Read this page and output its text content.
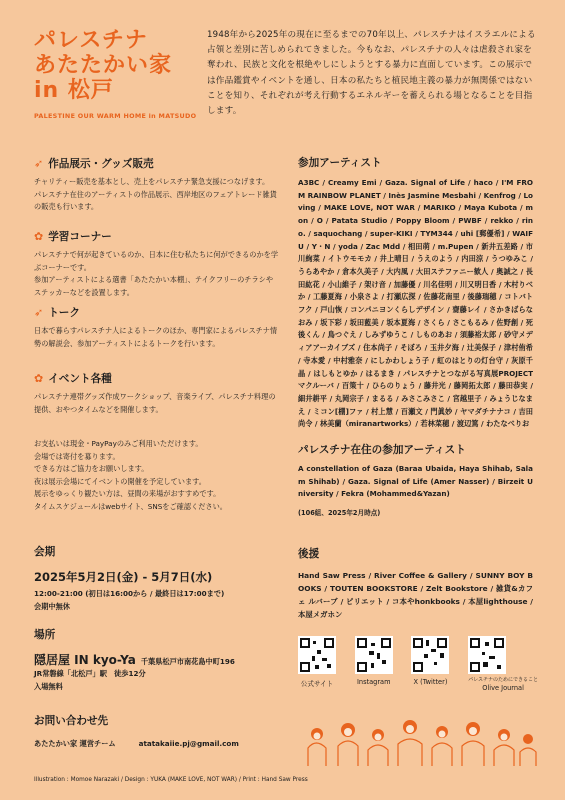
パレスチナ
あたたかい家
in 松戸
PALESTINE OUR WARM HOME in MATSUDO
1948年から2025年の現在に至るまでの70年以上、パレスチナはイスラエルによる占領と差別に苦しめられてきました。今もなお、パレスチナの人々は虐殺され家を奪われ、民族と文化を根絶やしにしようとする暴力に直面しています。この展示では作品鑑賞やイベントを通し、日本の私たちと植民地主義の暴力が無関係ではないことを知り、それぞれが考え行動するエネルギーを蓄えられる場となることを目指します。
➶ 作品展示・グッズ販売
チャリティー販売を基本とし、売上をパレスチナ緊急支援につなげます。
パレスチナ在住のアーティストの作品展示、西岸地区のフェアトレード雑貨の販売も行います。
✿ 学習コーナー
パレスチナで何が起きているのか、日本に住む私たちに何ができるのかを学ぶコーナーです。
参加アーティストによる選書「あたたかい本棚」、テイクフリーのチラシやステッカーなどを設置します。
➶ トーク
日本で暮らすパレスチナ人によるトークのほか、専門家によるパレスチナ情勢の解説会、参加アーティストによるトークを行います。
✿ イベント各種
パレスチナ連帯グッズ作成ワークショップ、音楽ライブ、パレスチナ料理の提供、おやつタイムなどを開催します。
お支払いは現金・PayPayのみご利用いただけます。
会場では寄付を募ります。
できる方はご協力をお願いします。
夜は展示会場にてイベントの開催を予定しています。
展示をゆっくり観たい方は、昼間の来場がおすすめです。
タイムスケジュールはwebサイト、SNSをご確認ください。
参加アーティスト
A3BC / Creamy Emi / Gaza. Signal of Life / haco / I'M FROM RAINBOW PLANET / Inès Jasmine Mesbahi / Kenfrog / Loving / MAKE LOVE, NOT WAR / MARIKO / Maya Kubota / mon / O / Patata Studio / Poppy Bloom / PWBF / rekko / rino. / saquochang / super-KIKI / TYM344 / uhi [郵優希] / WAIFU / Y・N / yoda / Zac Mdd / 相田萌 / m.Pupen / 新井五差路 / 市川絢菜 / イトウモモカ / 井上晴日 / うえのよう / 内田涼 / うつゆみこ / うらあやか / 倉本久美子 / 大内風 / 大田ステファニー歓人 / 奥誠之 / 長田紘花 / 小山維子 / 架け音 / 加藤優 / 川名佳明 / 川又明日香 / 木村りべか / 工藤夏海 / 小泉さよ / 打瀬広探 / 佐藤花南里 / 後藤瑞穂 / コトバトフク / 戸山恢 / コンパニヨンくらしデザイン / 齋藤レイ / さかきばらなおみ / 坂下彩 / 坂田藍美 / 坂本夏海 / さくら / さこもるみ / 佐野創 / 死後くん / 鳥つぐえ / しみずゆうこ / しものあお / 須藤裕太郎 / 砂守メディアアーカイブズ / 住本尚子 / そぼろ / 玉井夕海 / 辻美保子 / 津村侑希 / 寺本愛 / 中村雅奈 / にしかわしょう子 / 虹のはとりの灯台守 / 灰原千晶 / はしもとゆか / はるまき / パレスチナとつながる写真展PROJECTマクルーバ / 百策十 / ひらのりょう / 藤井光 / 藤岡拓太郎 / 藤田恭実 / 細井耕平 / 丸岡宗子 / まるる / みさこみさこ / 宮越里子 / みょうじなまえ / ミコン[棚]ファ / 村上慧 / 百瀬文 / 門眞妙 / ヤマダチナナコ / 吉田尚令 / 林美蘭（miranartworks）/ 若林菜穂 / 渡辺篤 / わたなべりお
パレスチナ在住の参加アーティスト
A constellation of Gaza (Baraa Ubaida, Haya Shihab, Salam Shihab) / Gaza. Signal of Life (Amer Nasser) / Birzeit University / Fekra (Mohammed&Yazan)
(106組、2025年2月時点)
会期
2025年5月2日(金) - 5月7日(水)
12:00-21:00 (初日は16:00から / 最終日は17:00まで)
会期中無休
場所
隠居屋 IN kyo-Ya 千葉県松戸市南花島中町196
JR常磐線「北松戸」駅　徒歩12分
入場無料
お問い合わせ先
あたたかい家 運営チーム	atatakaiie.pj@gmail.com
後援
Hand Saw Press / River Coffee & Gallery / SUNNY BOY BOOKS / TOUTEN BOOKSTORE / Zelt Bookstore / 雑貨&カフェ ルバーブ / ピリエット / コ本やhonkbooks / 本屋lighthouse / 本屋メガホン
公式サイト	Instagram	X (Twitter)	パレスチナのためにできること
Olive Journal
Illustration : Momoe Narazaki / Design : YUKA (MAKE LOVE, NOT WAR) / Print : Hand Saw Press
